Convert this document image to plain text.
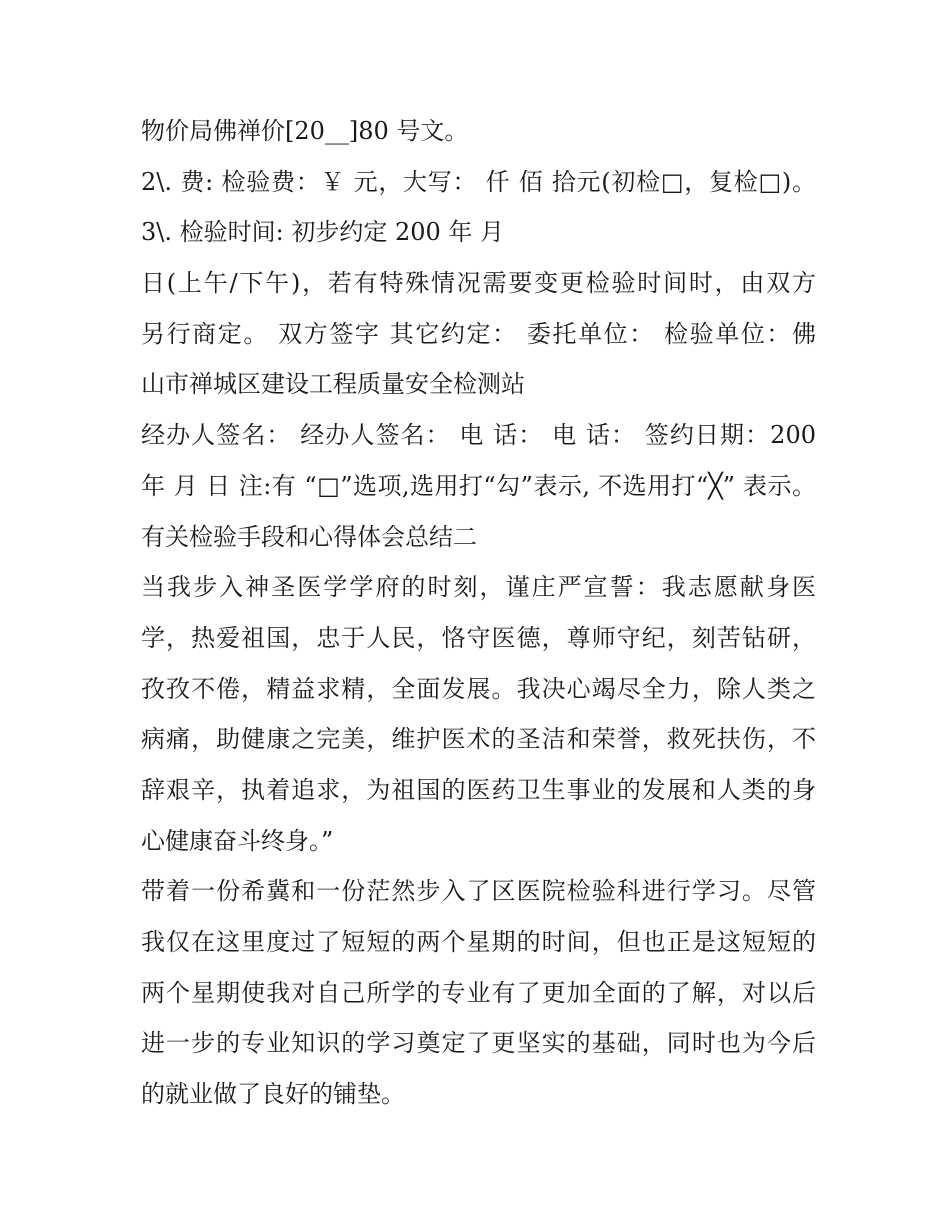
物价局佛禅价[20__]80 号文。
2\. 费: 检验费：￥ 元，大写： 仟 佰 拾元(初检□，复检□)。
3\. 检验时间: 初步约定 200 年 月
日(上午/下午)，若有特殊情况需要变更检验时间时，由双方
另行商定。 双方签字 其它约定： 委托单位： 检验单位：佛
山市禅城区建设工程质量安全检测站
经办人签名： 经办人签名： 电 话： 电 话： 签约日期：200
年 月 日 注:有 “□”选项,选用打“勾”表示, 不选用打“╳” 表示。
有关检验手段和心得体会总结二
当我步入神圣医学学府的时刻，谨庄严宣誓：我志愿献身医
学，热爱祖国，忠于人民，恪守医德，尊师守纪，刻苦钻研，
孜孜不倦，精益求精，全面发展。我决心竭尽全力，除人类之
病痛，助健康之完美，维护医术的圣洁和荣誉，救死扶伤，不
辞艰辛，执着追求，为祖国的医药卫生事业的发展和人类的身
心健康奋斗终身。”
带着一份希冀和一份茫然步入了区医院检验科进行学习。尽管
我仅在这里度过了短短的两个星期的时间，但也正是这短短的
两个星期使我对自己所学的专业有了更加全面的了解，对以后
进一步的专业知识的学习奠定了更坚实的基础，同时也为今后
的就业做了良好的铺垫。
